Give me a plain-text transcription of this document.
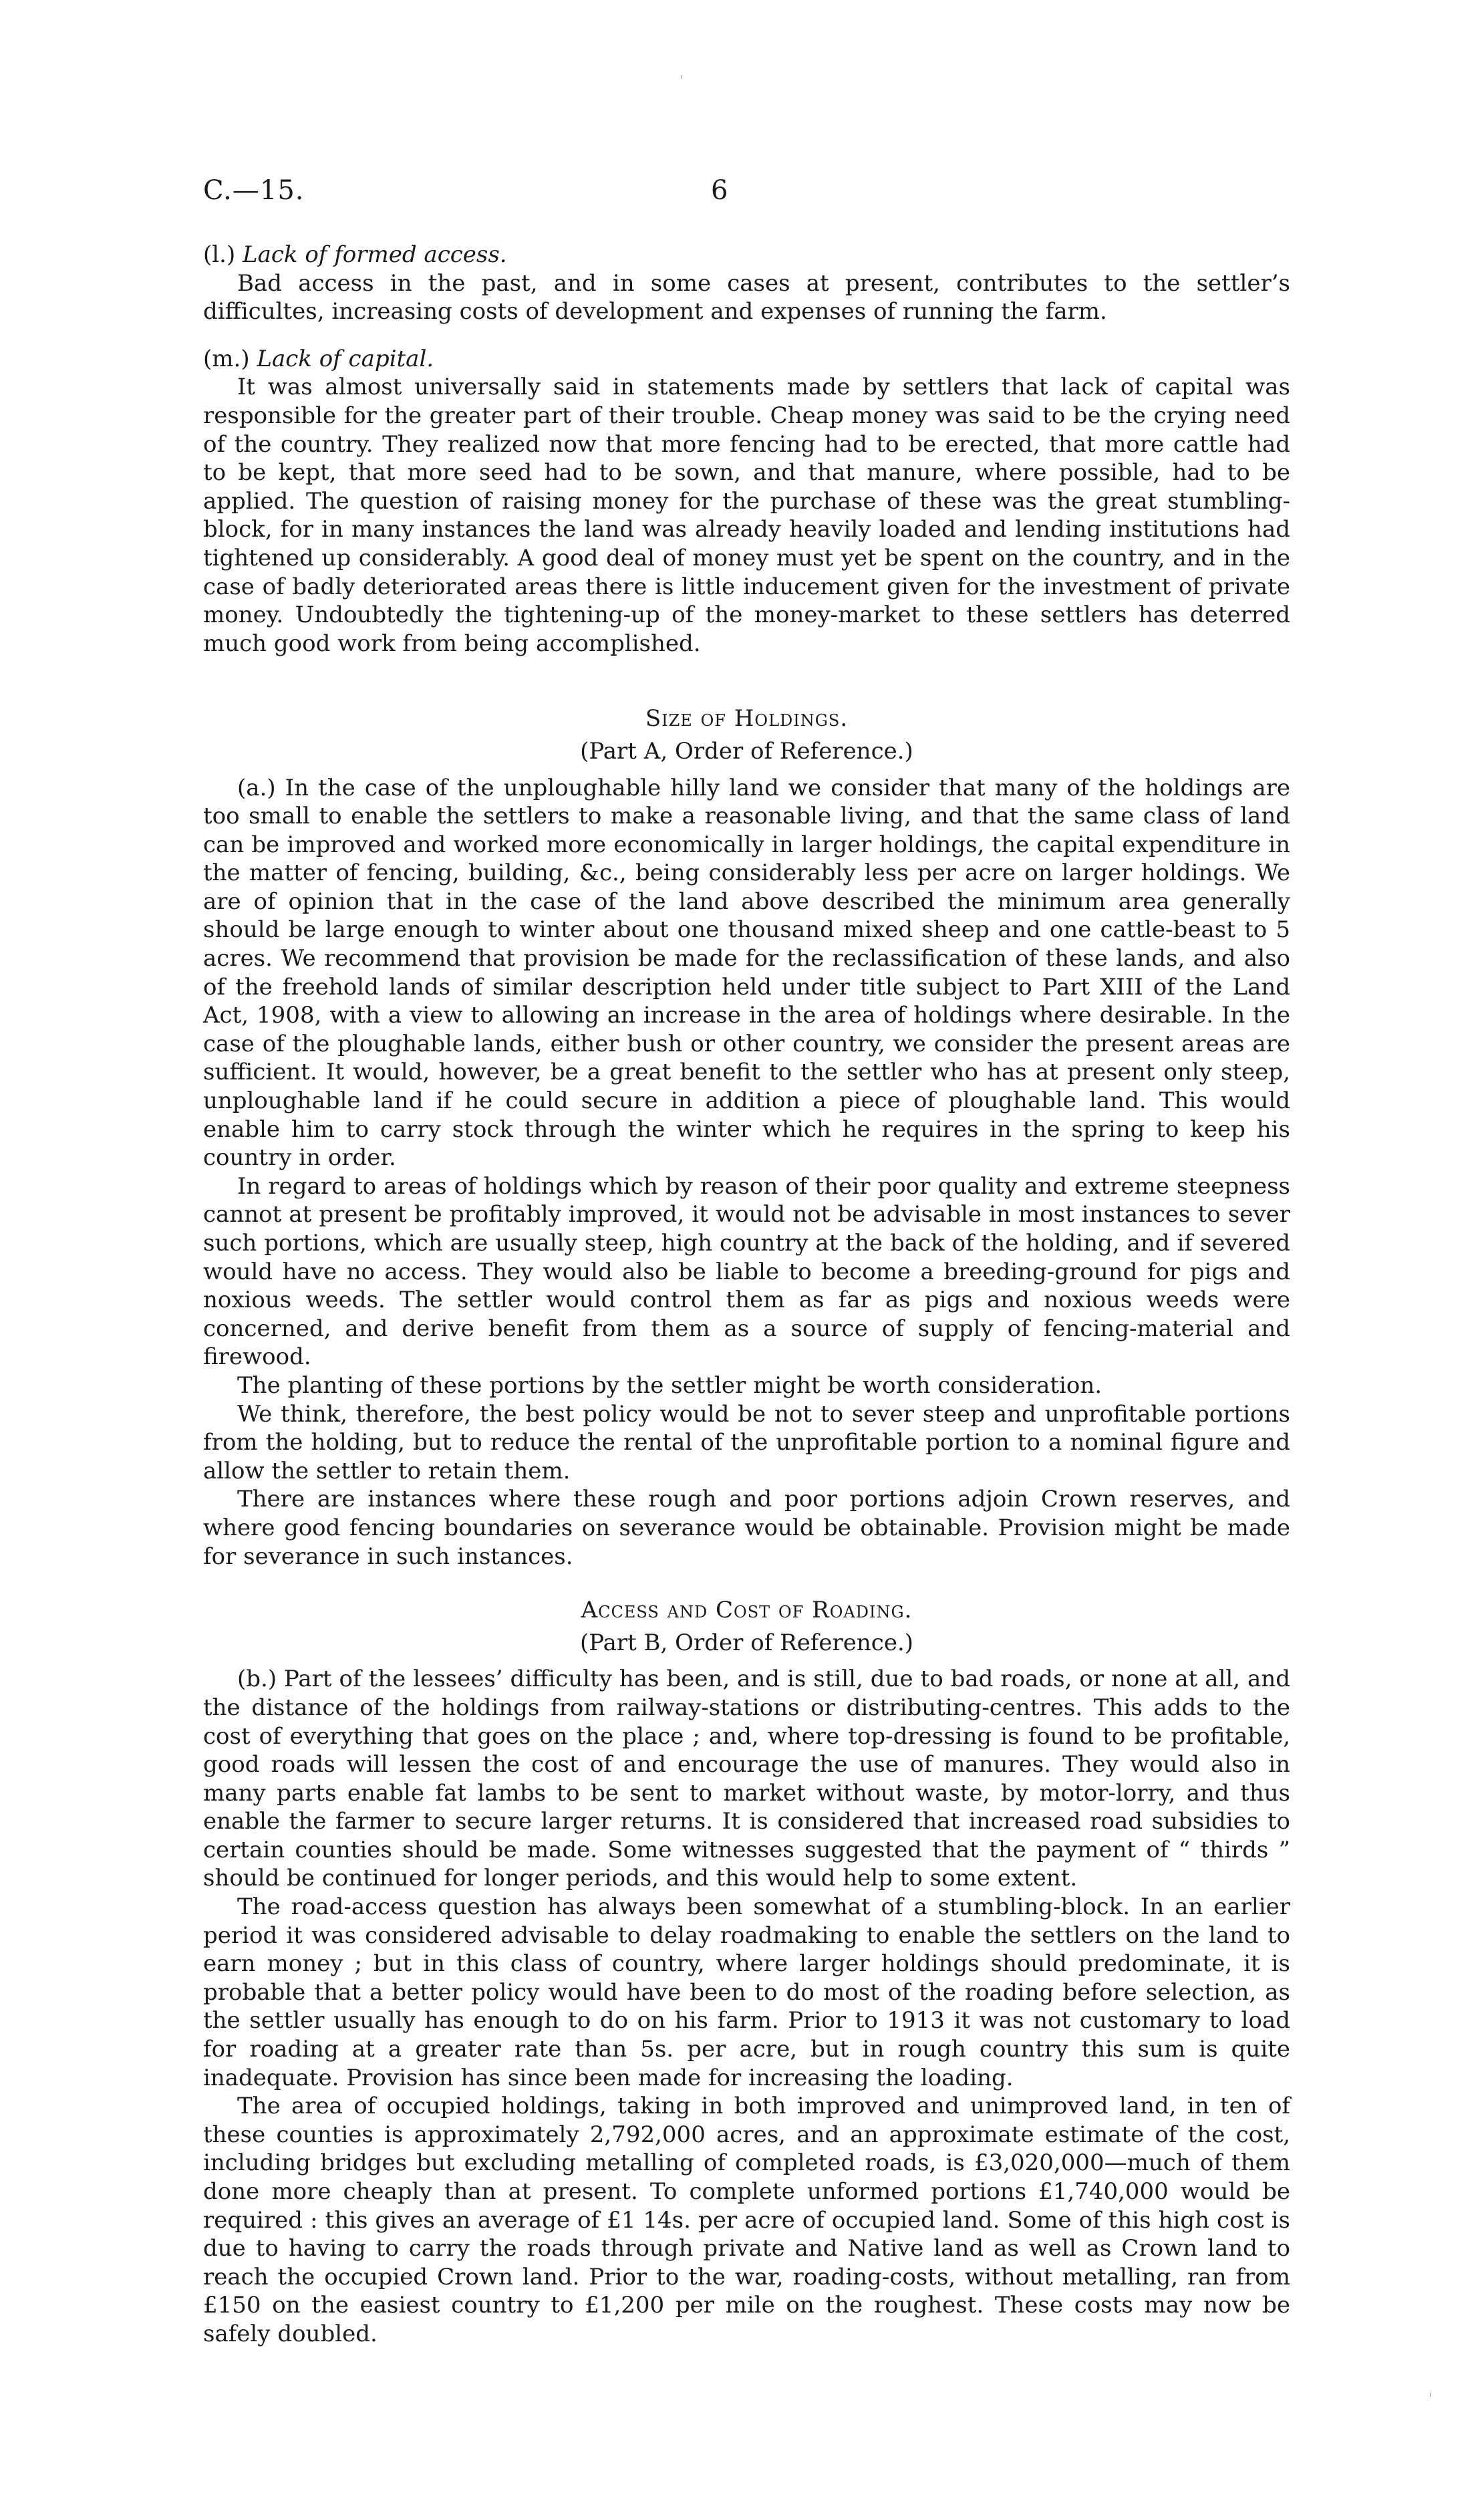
C.—15.	6
(l.) Lack of formed access.

Bad access in the past, and in some cases at present, contributes to the settler’s difficultes, increasing costs of development and expenses of running the farm.

(m.) Lack of capital.

It was almost universally said in statements made by settlers that lack of capital was responsible for the greater part of their trouble. Cheap money was said to be the crying need of the country. They realized now that more fencing had to be erected, that more cattle had to be kept, that more seed had to be sown, and that manure, where possible, had to be applied. The question of raising money for the purchase of these was the great stumbling-block, for in many instances the land was already heavily loaded and lending institutions had tightened up considerably. A good deal of money must yet be spent on the country, and in the case of badly deteriorated areas there is little inducement given for the investment of private money. Undoubtedly the tightening-up of the money-market to these settlers has deterred much good work from being accomplished.

Size of Holdings.
(Part A, Order of Reference.)

(a.) In the case of the unploughable hilly land we consider that many of the holdings are too small to enable the settlers to make a reasonable living, and that the same class of land can be improved and worked more economically in larger holdings, the capital expenditure in the matter of fencing, building, &c., being considerably less per acre on larger holdings. We are of opinion that in the case of the land above described the minimum area generally should be large enough to winter about one thousand mixed sheep and one cattle-beast to 5 acres. We recommend that provision be made for the reclassification of these lands, and also of the freehold lands of similar description held under title subject to Part XIII of the Land Act, 1908, with a view to allowing an increase in the area of holdings where desirable. In the case of the ploughable lands, either bush or other country, we consider the present areas are sufficient. It would, however, be a great benefit to the settler who has at present only steep, unploughable land if he could secure in addition a piece of ploughable land. This would enable him to carry stock through the winter which he requires in the spring to keep his country in order.

In regard to areas of holdings which by reason of their poor quality and extreme steepness cannot at present be profitably improved, it would not be advisable in most instances to sever such portions, which are usually steep, high country at the back of the holding, and if severed would have no access. They would also be liable to become a breeding-ground for pigs and noxious weeds. The settler would control them as far as pigs and noxious weeds were concerned, and derive benefit from them as a source of supply of fencing-material and firewood.

The planting of these portions by the settler might be worth consideration.

We think, therefore, the best policy would be not to sever steep and unprofitable portions from the holding, but to reduce the rental of the unprofitable portion to a nominal figure and allow the settler to retain them.

There are instances where these rough and poor portions adjoin Crown reserves, and where good fencing boundaries on severance would be obtainable. Provision might be made for severance in such instances.

Access and Cost of Roading.
(Part B, Order of Reference.)

(b.) Part of the lessees’ difficulty has been, and is still, due to bad roads, or none at all, and the distance of the holdings from railway-stations or distributing-centres. This adds to the cost of everything that goes on the place ; and, where top-dressing is found to be profitable, good roads will lessen the cost of and encourage the use of manures. They would also in many parts enable fat lambs to be sent to market without waste, by motor-lorry, and thus enable the farmer to secure larger returns. It is considered that increased road subsidies to certain counties should be made. Some witnesses suggested that the payment of “ thirds ” should be continued for longer periods, and this would help to some extent.

The road-access question has always been somewhat of a stumbling-block. In an earlier period it was considered advisable to delay roadmaking to enable the settlers on the land to earn money ; but in this class of country, where larger holdings should predominate, it is probable that a better policy would have been to do most of the roading before selection, as the settler usually has enough to do on his farm. Prior to 1913 it was not customary to load for roading at a greater rate than 5s. per acre, but in rough country this sum is quite inadequate. Provision has since been made for increasing the loading.

The area of occupied holdings, taking in both improved and unimproved land, in ten of these counties is approximately 2,792,000 acres, and an approximate estimate of the cost, including bridges but excluding metalling of completed roads, is £3,020,000—much of them done more cheaply than at present. To complete unformed portions £1,740,000 would be required : this gives an average of £1 14s. per acre of occupied land. Some of this high cost is due to having to carry the roads through private and Native land as well as Crown land to reach the occupied Crown land. Prior to the war, roading-costs, without metalling, ran from £150 on the easiest country to £1,200 per mile on the roughest. These costs may now be safely doubled.
